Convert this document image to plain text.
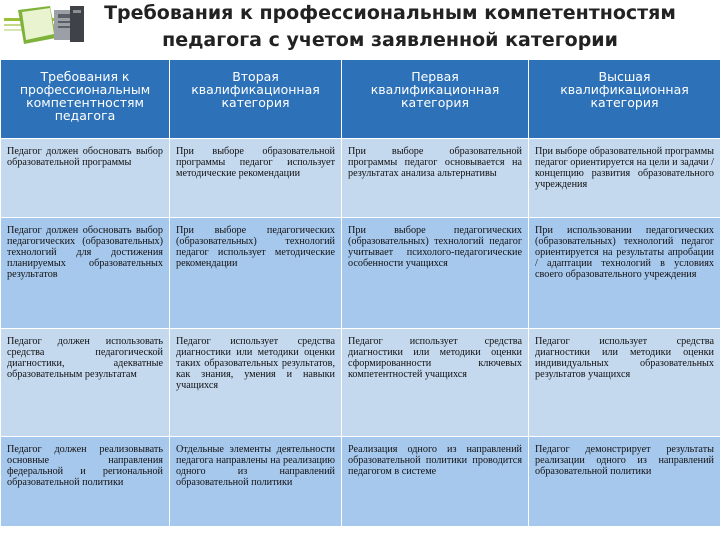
Требования к профессиональным компетентностям
педагога с учетом заявленной категории
Требования к профессиональным компетентностям педагога	Вторая квалификационная категория	Первая квалификационная категория	Высшая квалификационная категория
Педагог должен обосновать выбор образовательной программы	При выборе образовательной программы педагог использует методические рекомендации	При выборе образовательной программы педагог основывается на результатах анализа альтернативы	При выборе образовательной программы педагог ориентируется на цели и задачи / концепцию развития образовательного учреждения
Педагог должен обосновать выбор педагогических (образовательных) технологий для достижения планируемых образовательных результатов	При выборе педагогических (образовательных) технологий педагог использует методические рекомендации	При выборе педагогических (образовательных) технологий педагог учитывает психолого-педагогические особенности учащихся	При использовании педагогических (образовательных) технологий педагог ориентируется на результаты апробации / адаптации технологий в условиях своего образовательного учреждения
Педагог должен использовать средства педагогической диагностики, адекватные образовательным результатам	Педагог использует средства диагностики или методики оценки таких образовательных результатов, как знания, умения и навыки учащихся	Педагог использует средства диагностики или методики оценки сформированности ключевых компетентностей учащихся	Педагог использует средства диагностики или методики оценки индивидуальных образовательных результатов учащихся
Педагог должен реализовывать основные направления федеральной и региональной образовательной политики	Отдельные элементы деятельности педагога направлены на реализацию одного из направлений образовательной политики	Реализация одного из направлений образовательной политики проводится педагогом в системе	Педагог демонстрирует результаты реализации одного из направлений образовательной политики
